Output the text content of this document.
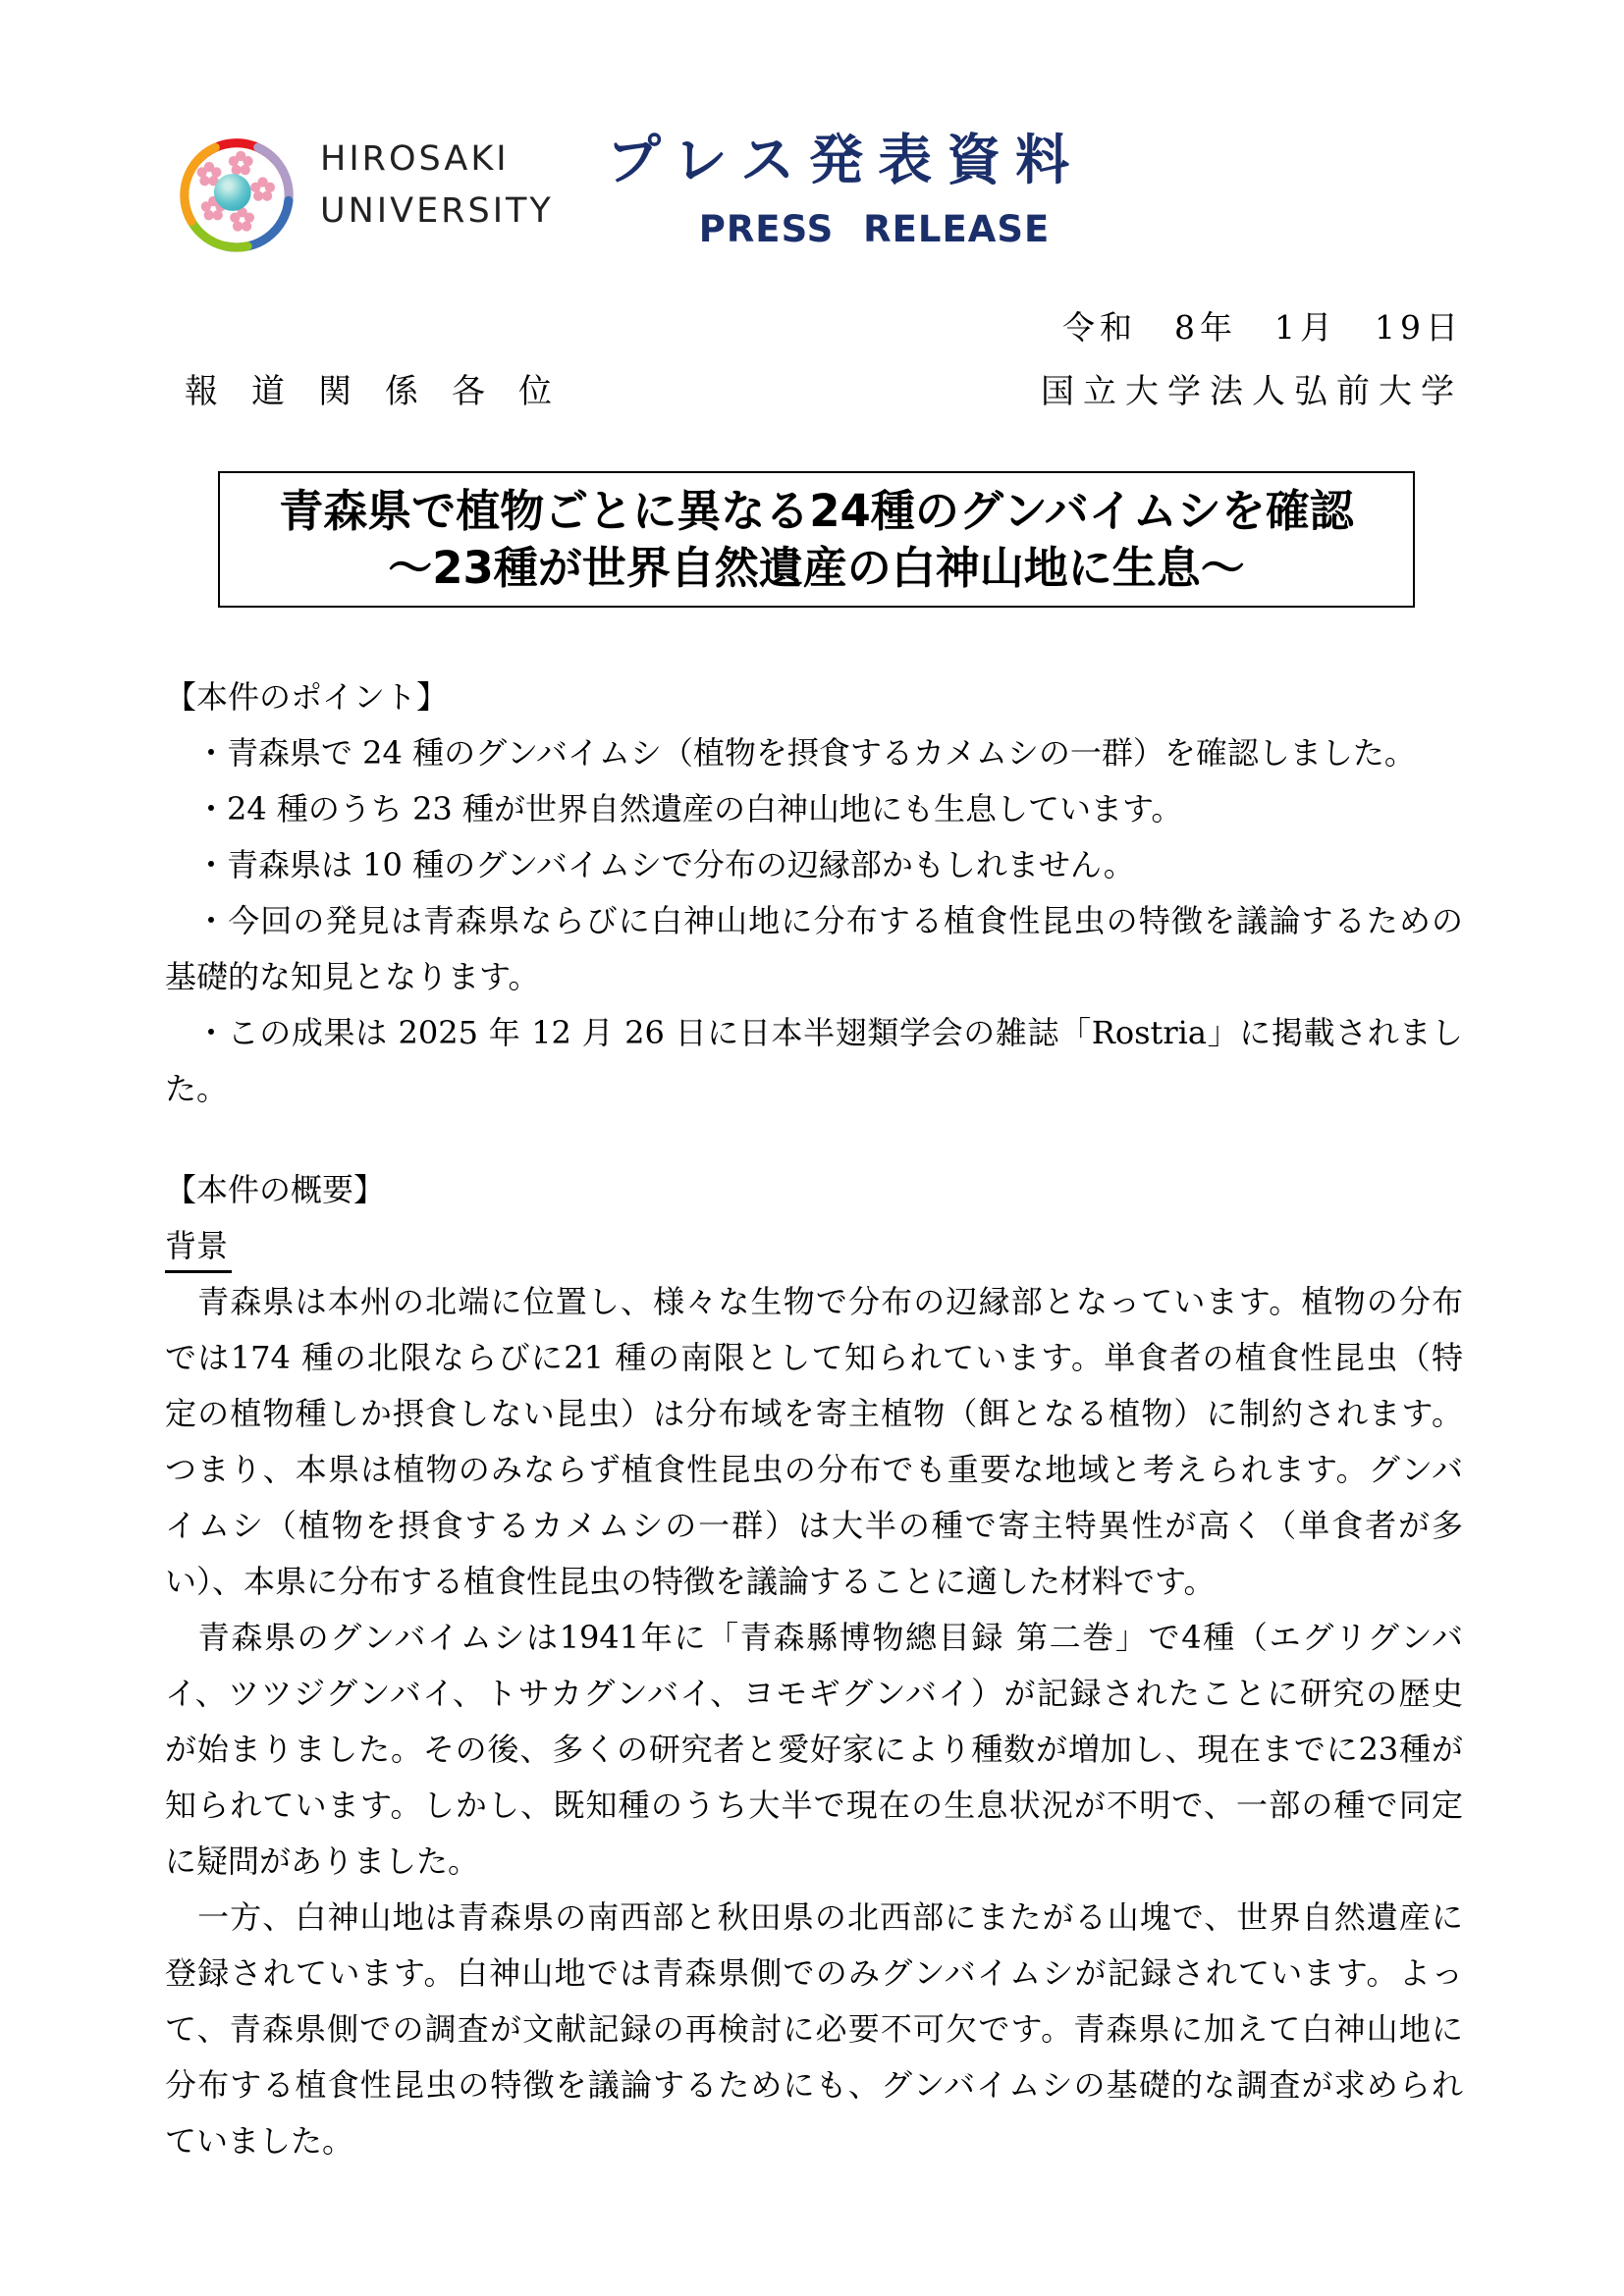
HIROSAKI
UNIVERSITY
プレス発表資料
PRESS RELEASE
令和　8年　1月　19日
報　道　関　係　各　位	国立大学法人弘前大学
青森県で植物ごとに異なる24種のグンバイムシを確認
～23種が世界自然遺産の白神山地に生息～
【本件のポイント】
・青森県で 24 種のグンバイムシ（植物を摂食するカメムシの一群）を確認しました。
・24 種のうち 23 種が世界自然遺産の白神山地にも生息しています。
・青森県は 10 種のグンバイムシで分布の辺縁部かもしれません。
・今回の発見は青森県ならびに白神山地に分布する植食性昆虫の特徴を議論するための
基礎的な知見となります。
・この成果は 2025 年 12 月 26 日に日本半翅類学会の雑誌「Rostria」に掲載されまし
た。
【本件の概要】
背景
　青森県は本州の北端に位置し、様々な生物で分布の辺縁部となっています。植物の分布
では174 種の北限ならびに21 種の南限として知られています。単食者の植食性昆虫（特
定の植物種しか摂食しない昆虫）は分布域を寄主植物（餌となる植物）に制約されます。
つまり、本県は植物のみならず植食性昆虫の分布でも重要な地域と考えられます。グンバ
イムシ（植物を摂食するカメムシの一群）は大半の種で寄主特異性が高く（単食者が多
い）、本県に分布する植食性昆虫の特徴を議論することに適した材料です。
　青森県のグンバイムシは1941年に「青森縣博物總目録 第二巻」で4種（エグリグンバ
イ、ツツジグンバイ、トサカグンバイ、ヨモギグンバイ）が記録されたことに研究の歴史
が始まりました。その後、多くの研究者と愛好家により種数が増加し、現在までに23種が
知られています。しかし、既知種のうち大半で現在の生息状況が不明で、一部の種で同定
に疑問がありました。
　一方、白神山地は青森県の南西部と秋田県の北西部にまたがる山塊で、世界自然遺産に
登録されています。白神山地では青森県側でのみグンバイムシが記録されています。よっ
て、青森県側での調査が文献記録の再検討に必要不可欠です。青森県に加えて白神山地に
分布する植食性昆虫の特徴を議論するためにも、グンバイムシの基礎的な調査が求められ
ていました。
